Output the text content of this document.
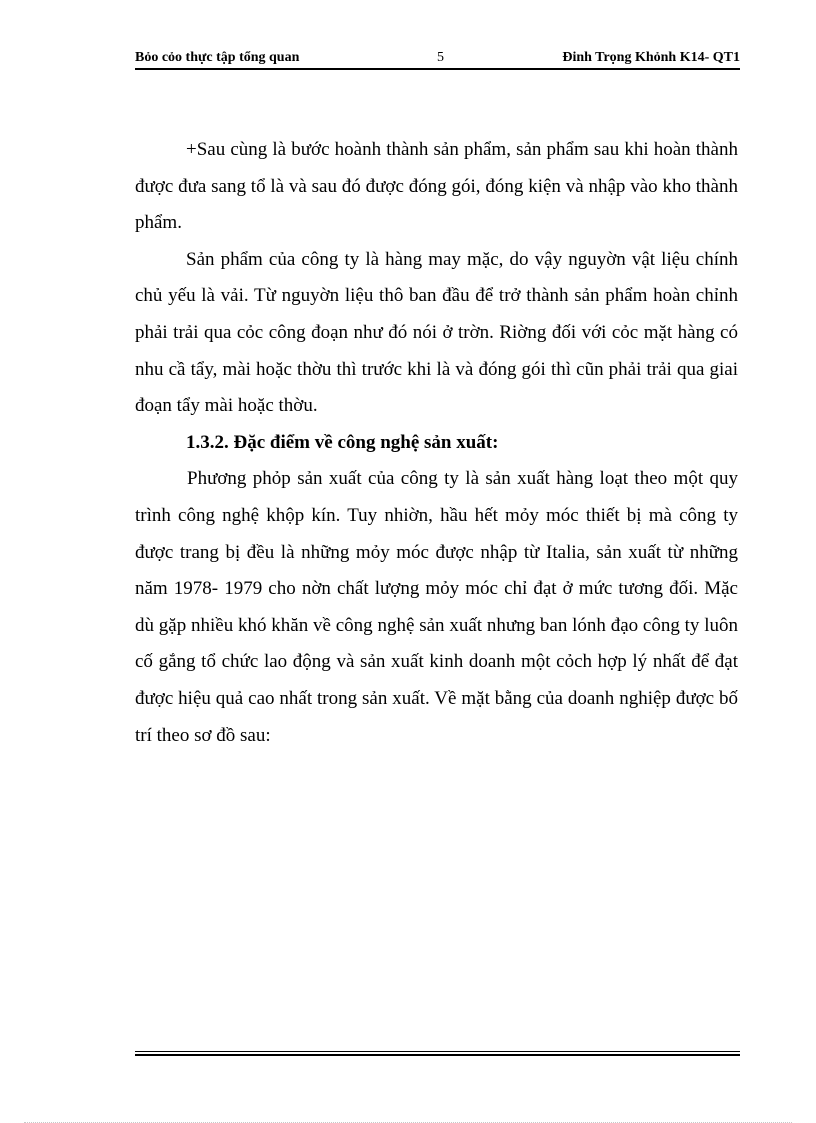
Bỏo cỏo thực tập tổng quan	5	Đinh Trọng Khỏnh K14- QT1

+Sau cùng là bước hoành thành sản phẩm, sản phẩm sau khi hoàn thành được đưa sang tổ là và sau đó được đóng gói, đóng kiện và nhập vào kho thành phẩm.

Sản phẩm của công ty là hàng may mặc, do vậy nguyờn vật liệu chính chủ yếu là vải. Từ nguyờn liệu thô ban đầu để trở thành sản phẩm hoàn chỉnh phải trải qua cỏc công đoạn như đó nói ở trờn. Riờng đối với cỏc mặt hàng có nhu cầ tẩy, mài hoặc thờu thì trước khi là và đóng gói thì cũn phải trải qua giai đoạn tẩy mài hoặc thờu.

1.3.2. Đặc điểm về công nghệ sản xuất:

Phương phỏp sản xuất của công ty là sản xuất hàng loạt theo một quy trình công nghệ khộp kín. Tuy nhiờn, hầu hết mỏy móc thiết bị mà công ty được trang bị đều là những mỏy móc được nhập từ Italia, sản xuất từ những năm 1978- 1979 cho nờn chất lượng mỏy móc chỉ đạt ở mức tương đối. Mặc dù gặp nhiều khó khăn về công nghệ sản xuất nhưng ban lónh đạo công ty luôn cố gắng tổ chức lao động và sản xuất kinh doanh một cỏch hợp lý nhất để đạt được hiệu quả cao nhất trong sản xuất. Về mặt bằng của doanh nghiệp được bố trí theo sơ đồ sau:
